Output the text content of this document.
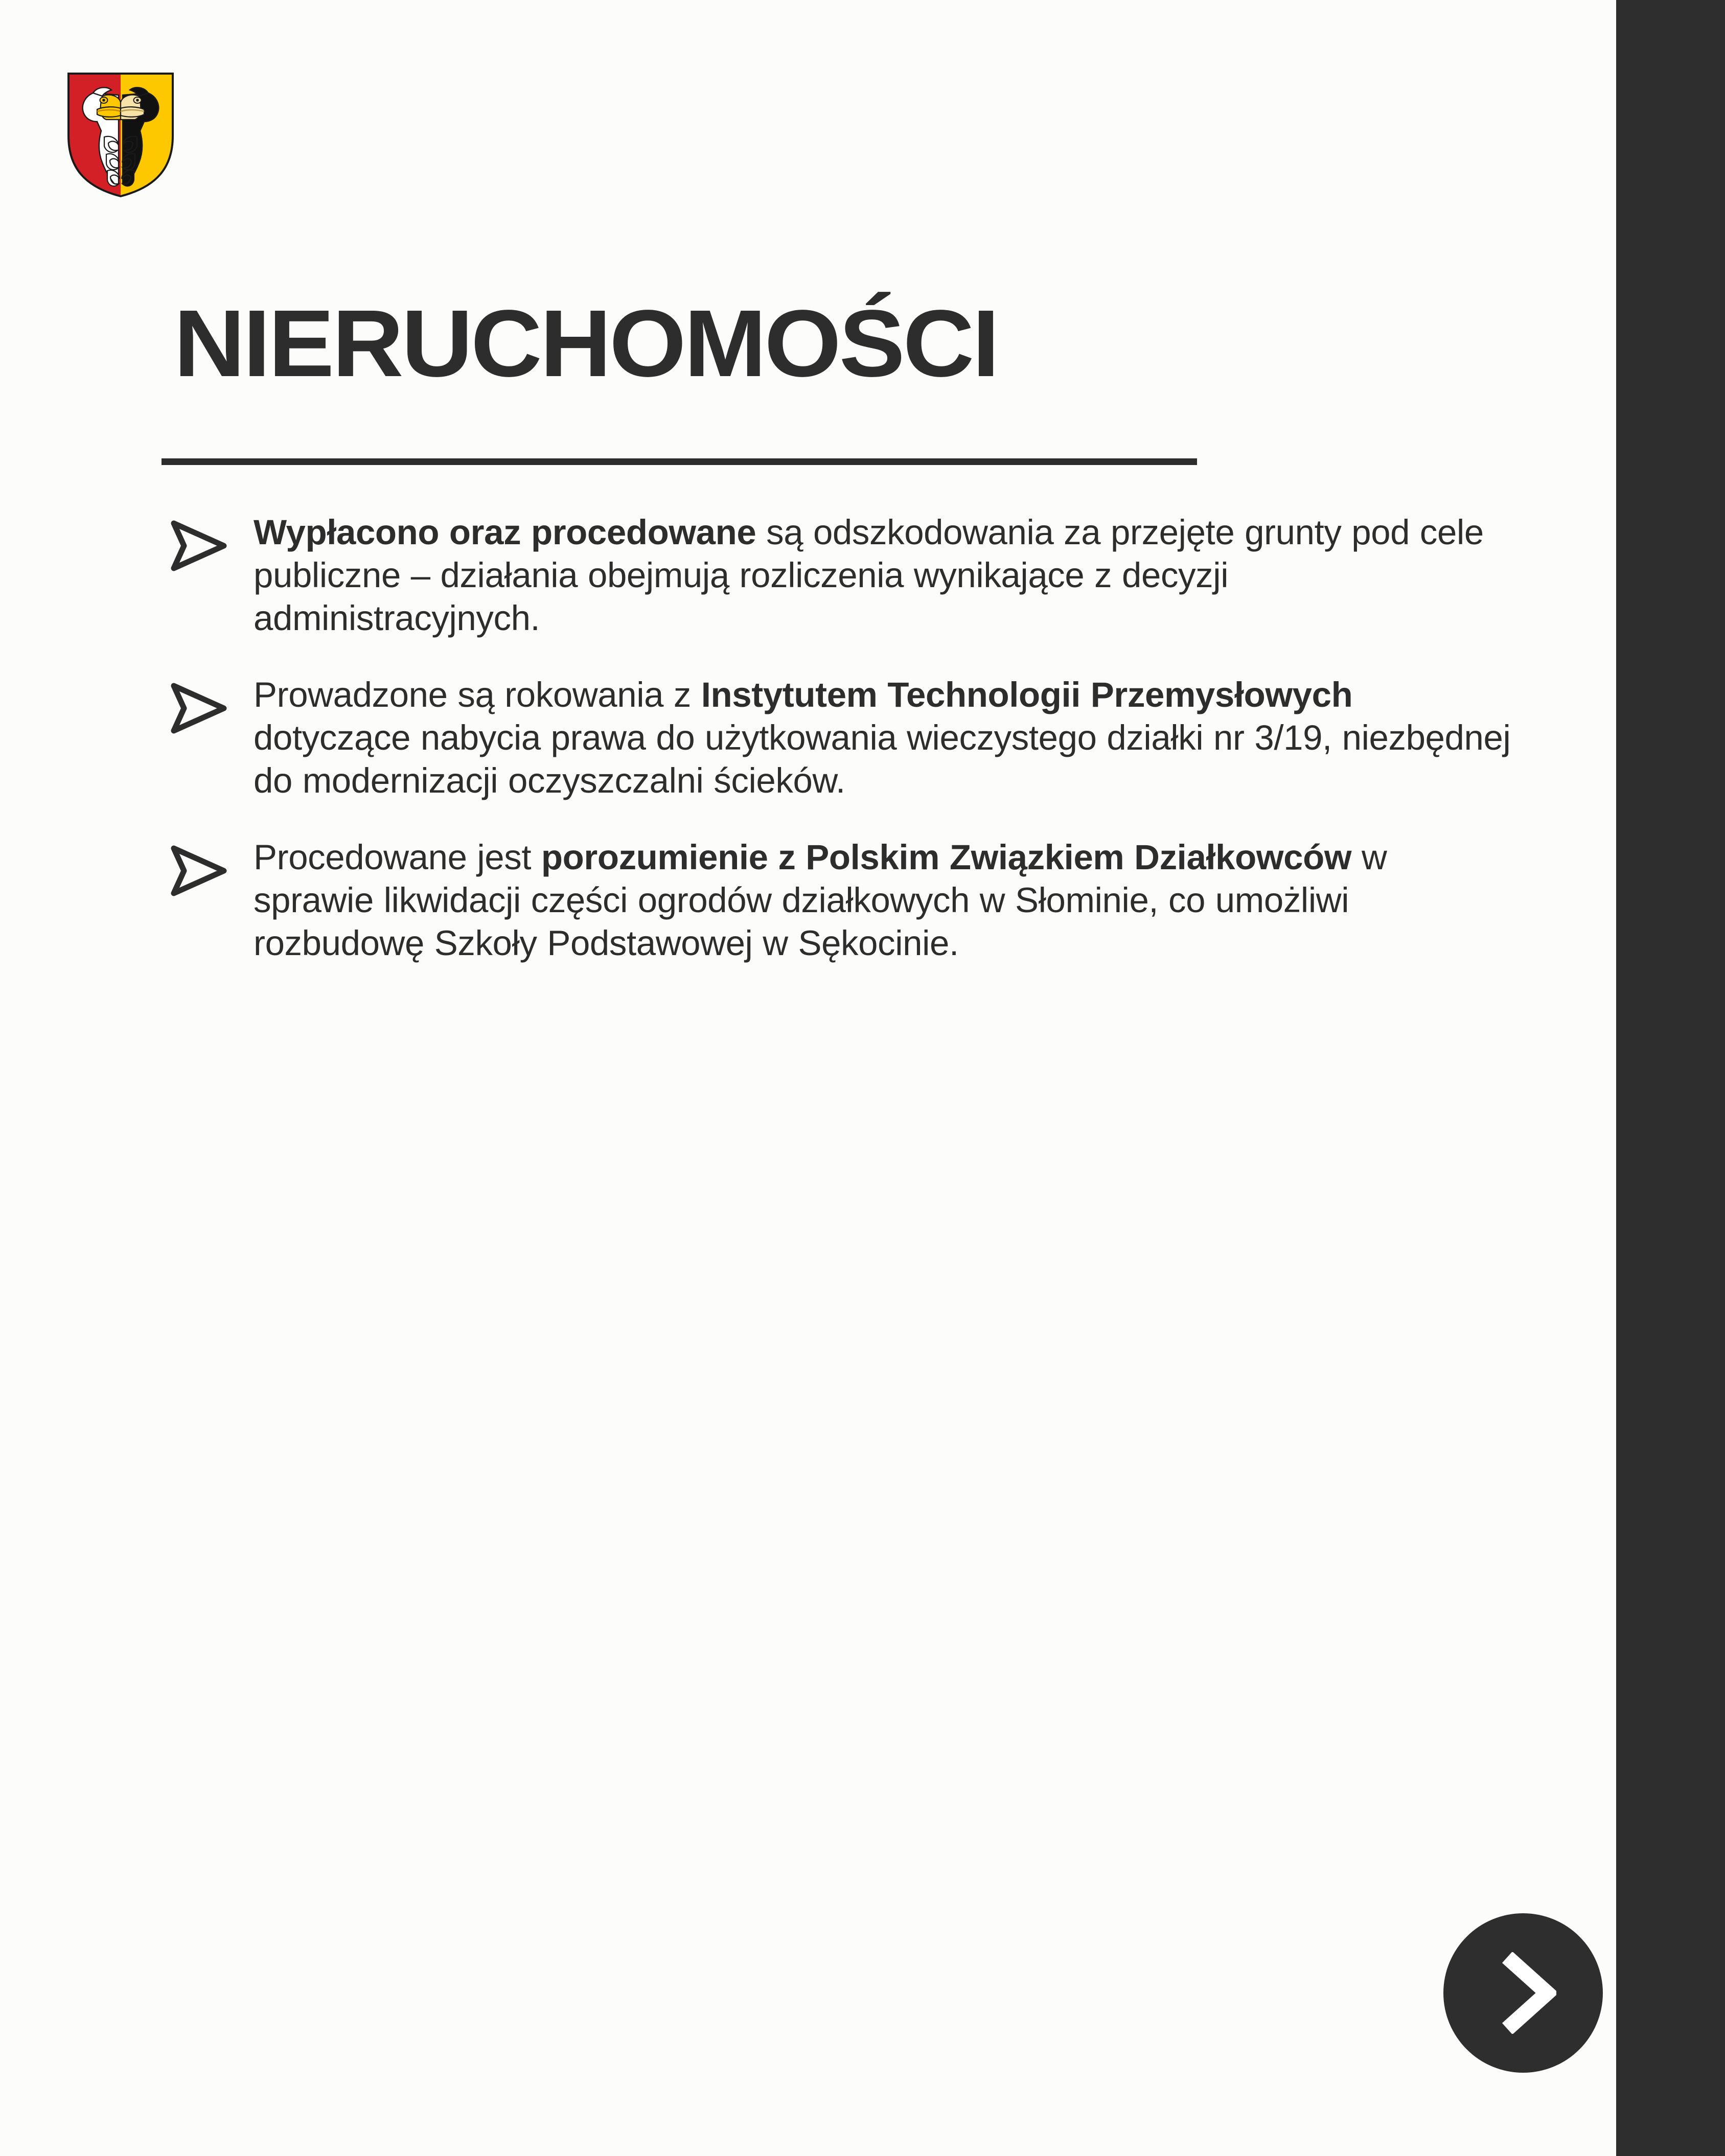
NIERUCHOMOŚCI
Wypłacono oraz procedowane są odszkodowania za przejęte grunty pod cele publiczne – działania obejmują rozliczenia wynikające z decyzji administracyjnych.
Prowadzone są rokowania z Instytutem Technologii Przemysłowych dotyczące nabycia prawa do użytkowania wieczystego działki nr 3/19, niezbędnej do modernizacji oczyszczalni ścieków.
Procedowane jest porozumienie z Polskim Związkiem Działkowców w sprawie likwidacji części ogrodów działkowych w Słominie, co umożliwi rozbudowę Szkoły Podstawowej w Sękocinie.
